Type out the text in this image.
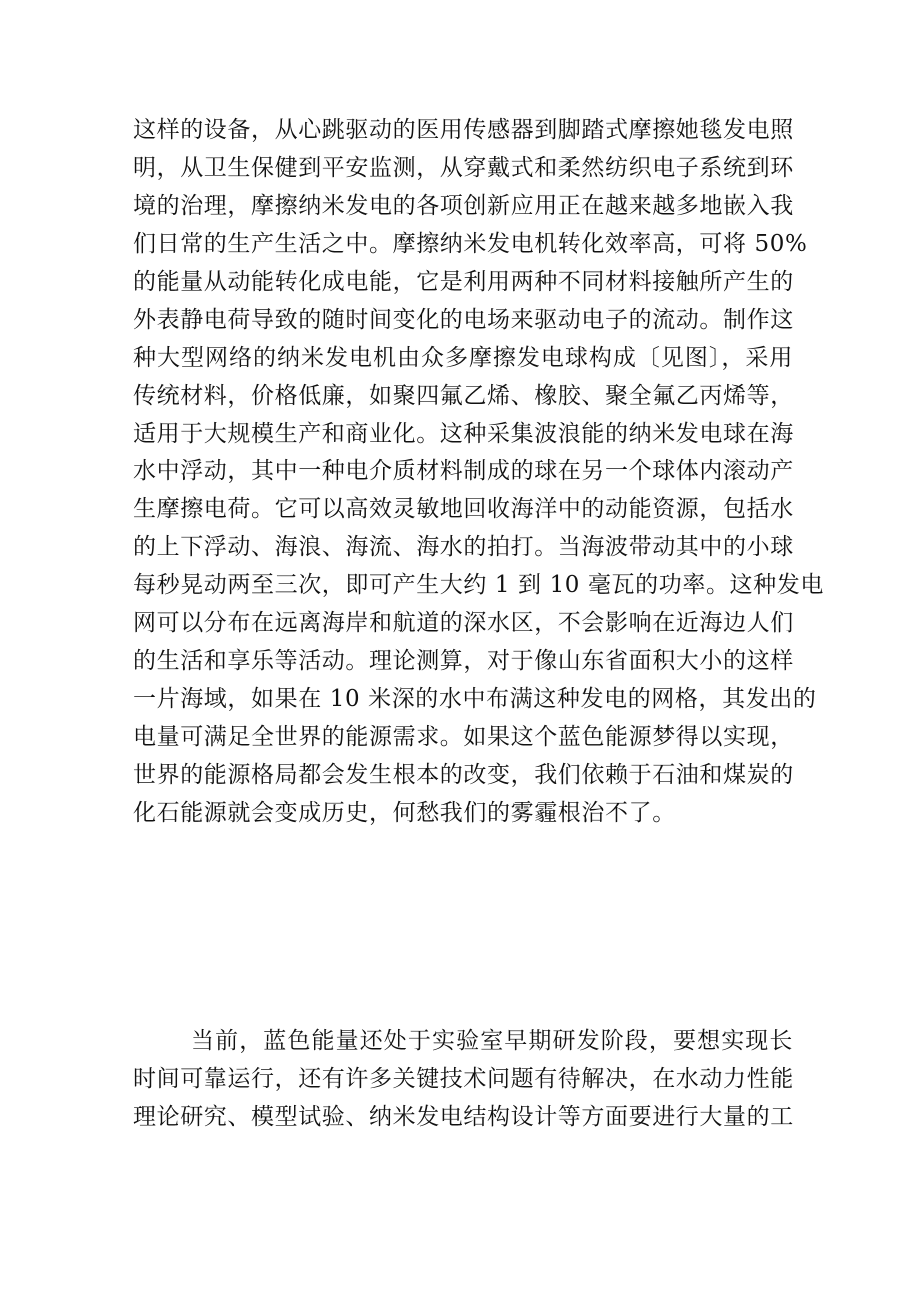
这样的设备，从心跳驱动的医用传感器到脚踏式摩擦她毯发电照
明，从卫生保健到平安监测，从穿戴式和柔然纺织电子系统到环
境的治理，摩擦纳米发电的各项创新应用正在越来越多地嵌入我
们日常的生产生活之中。摩擦纳米发电机转化效率高，可将 50%
的能量从动能转化成电能，它是利用两种不同材料接触所产生的
外表静电荷导致的随时间变化的电场来驱动电子的流动。制作这
种大型网络的纳米发电机由众多摩擦发电球构成〔见图〕，采用
传统材料，价格低廉，如聚四氟乙烯、橡胶、聚全氟乙丙烯等，
适用于大规模生产和商业化。这种采集波浪能的纳米发电球在海
水中浮动，其中一种电介质材料制成的球在另一个球体内滚动产
生摩擦电荷。它可以高效灵敏地回收海洋中的动能资源，包括水
的上下浮动、海浪、海流、海水的拍打。当海波带动其中的小球
每秒晃动两至三次，即可产生大约 1 到 10 毫瓦的功率。这种发电
网可以分布在远离海岸和航道的深水区，不会影响在近海边人们
的生活和享乐等活动。理论测算，对于像山东省面积大小的这样
一片海域，如果在 10 米深的水中布满这种发电的网格，其发出的
电量可满足全世界的能源需求。如果这个蓝色能源梦得以实现，
世界的能源格局都会发生根本的改变，我们依赖于石油和煤炭的
化石能源就会变成历史，何愁我们的雾霾根治不了。
当前，蓝色能量还处于实验室早期研发阶段，要想实现长
时间可靠运行，还有许多关键技术问题有待解决，在水动力性能
理论研究、模型试验、纳米发电结构设计等方面要进行大量的工
